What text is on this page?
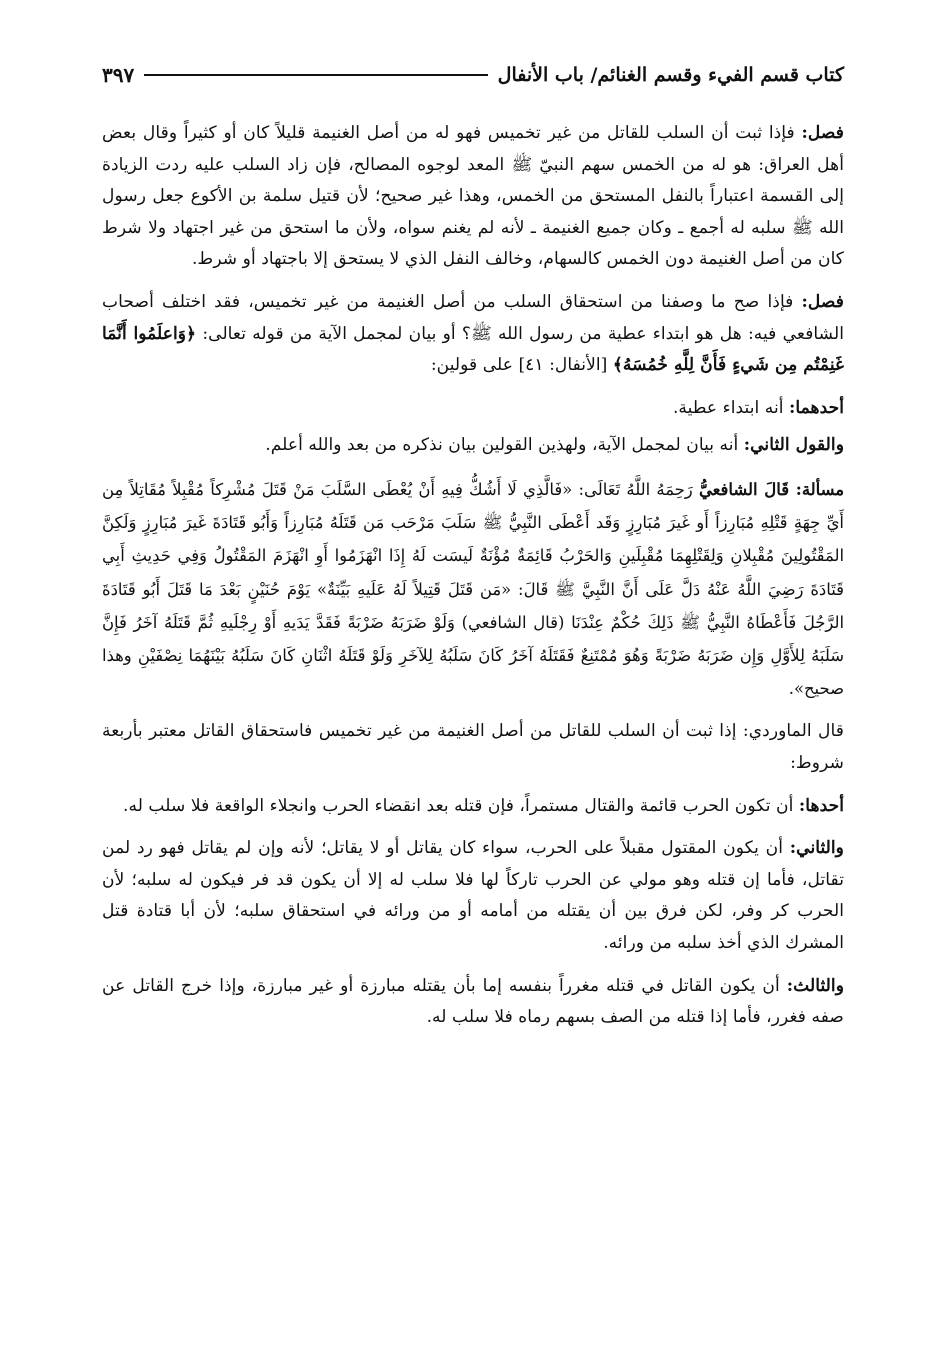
كتاب قسم الفيء وقسم الغنائم/ باب الأنفال
٣٩٧

فصل: فإذا ثبت أن السلب للقاتل من غير تخميس فهو له من أصل الغنيمة قليلاً كان أو كثيراً وقال بعض أهل العراق: هو له من الخمس سهم النبيّ ﷺ المعد لوجوه المصالح، فإن زاد السلب عليه ردت الزيادة إلى القسمة اعتباراً بالنفل المستحق من الخمس، وهذا غير صحيح؛ لأن قتيل سلمة بن الأكوع جعل رسول الله ﷺ سلبه له أجمع ـ وكان جميع الغنيمة ـ لأنه لم يغنم سواه، ولأن ما استحق من غير اجتهاد ولا شرط كان من أصل الغنيمة دون الخمس كالسهام، وخالف النفل الذي لا يستحق إلا باجتهاد أو شرط.

فصل: فإذا صح ما وصفنا من استحقاق السلب من أصل الغنيمة من غير تخميس، فقد اختلف أصحاب الشافعي فيه: هل هو ابتداء عطية من رسول الله ﷺ؟ أو بيان لمجمل الآية من قوله تعالى: ﴿وَاعلَمُوا أَنَّمَا غَنِمْتُم مِن شَيءٍ فَأَنَّ لِلَّهِ خُمُسَهُ﴾ [الأنفال: ٤١] على قولين:

أحدهما: أنه ابتداء عطية.

والقول الثاني: أنه بيان لمجمل الآية، ولهذين القولين بيان نذكره من بعد والله أعلم.

مسألة: قَالَ الشافعيُّ رَحِمَهُ اللَّهُ تَعَالَى: «فَالَّذِي لَا أَشُكُّ فِيهِ أَنْ يُعْطَى السَّلَبَ مَنْ قَتَلَ مُشْرِكاً مُقْبِلاً مُقَاتِلاً مِن أَيِّ جِهَةٍ قَتْلِهِ مُبَارِزاً أَو غَيرَ مُبَارِزٍ وَقَد أَعْطَى النَّبِيُّ ﷺ سَلَبَ مَرْحَب مَن قَتَلَهُ مُبَارِزاً وَأَبُو قَتَادَةَ غَيرَ مُبَارِزٍ وَلَكِنَّ المَقْتُولِينَ مُقْبِلانِ وَلِقَتْلِهِمَا مُقْبِلَينِ وَالحَرْبُ قَائِمَةٌ مُؤْنَةٌ لَيسَت لَهُ إِذَا انْهَزَمُوا أَوِ انْهَزَمَ المَقْتُولُ وَفِي حَدِيثِ أَبِي قَتَادَةَ رَضِيَ اللَّهُ عَنْهُ دَلَّ عَلَى أَنَّ النَّبِيَّ ﷺ قَالَ: «مَن قَتَلَ قَتِيلاً لَهُ عَلَيهِ بَيِّنَةٌ» يَوْمَ حُنَيْنٍ بَعْدَ مَا قَتَلَ أَبُو قَتَادَةَ الرَّجُلَ فَأَعْطَاهُ النَّبِيُّ ﷺ ذَلِكَ حُكْمٌ عِنْدَنَا (قال الشافعي) وَلَوْ ضَرَبَهُ ضَرْبَةً فَقَدَّ يَدَيهِ أَوْ رِجْلَيهِ ثُمَّ قَتَلَهُ آخَرُ فَإِنَّ سَلَبَهُ لِلأَوَّلِ وَإِن ضَرَبَهُ ضَرْبَةً وَهُوَ مُمْتَنِعٌ فَقَتَلَهُ آخَرُ كَانَ سَلَبُهُ لِلآخَرِ وَلَوْ قَتَلَهُ اثْنَانِ كَانَ سَلَبُهُ بَيْنَهُمَا نِصْفَيْنِ وهذا صحيح».

قال الماوردي: إذا ثبت أن السلب للقاتل من أصل الغنيمة من غير تخميس فاستحقاق القاتل معتبر بأربعة شروط:

أحدها: أن تكون الحرب قائمة والقتال مستمراً، فإن قتله بعد انقضاء الحرب وانجلاء الواقعة فلا سلب له.

والثاني: أن يكون المقتول مقبلاً على الحرب، سواء كان يقاتل أو لا يقاتل؛ لأنه وإن لم يقاتل فهو رد لمن تقاتل، فأما إن قتله وهو مولي عن الحرب تاركاً لها فلا سلب له إلا أن يكون قد فر فيكون له سلبه؛ لأن الحرب كر وفر، لكن فرق بين أن يقتله من أمامه أو من ورائه في استحقاق سلبه؛ لأن أبا قتادة قتل المشرك الذي أخذ سلبه من ورائه.

والثالث: أن يكون القاتل في قتله مغرراً بنفسه إما بأن يقتله مبارزة أو غير مبارزة، وإذا خرج القاتل عن صفه فغرر، فأما إذا قتله من الصف بسهم رماه فلا سلب له.
